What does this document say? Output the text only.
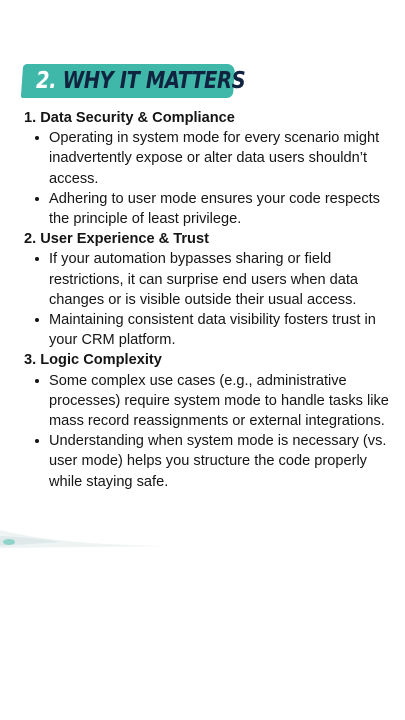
2. WHY IT MATTERS

1. Data Security & Compliance

Operating in system mode for every scenario might inadvertently expose or alter data users shouldn’t access.
Adhering to user mode ensures your code respects the principle of least privilege.

2. User Experience & Trust

If your automation bypasses sharing or field restrictions, it can surprise end users when data changes or is visible outside their usual access.
Maintaining consistent data visibility fosters trust in your CRM platform.

3. Logic Complexity

Some complex use cases (e.g., administrative processes) require system mode to handle tasks like mass record reassignments or external integrations.
Understanding when system mode is necessary (vs. user mode) helps you structure the code properly while staying safe.
